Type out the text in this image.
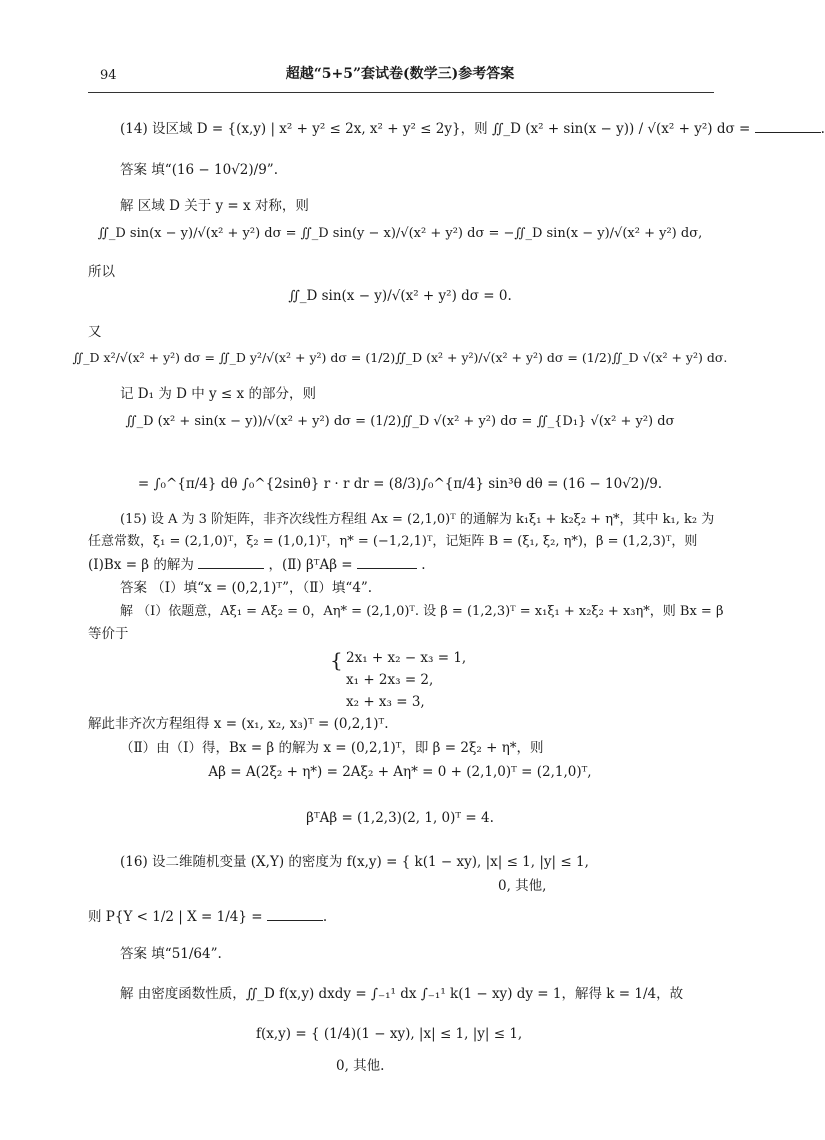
94	超越“5+5”套试卷(数学三)参考答案
(14) 设区域 D = {(x,y) | x² + y² ≤ 2x, x² + y² ≤ 2y}，则 ∬_D (x² + sin(x − y)) / √(x² + y²) dσ =	.
答案 填“(16 − 10√2)/9”.
解 区域 D 关于 y = x 对称，则
∬_D sin(x − y)/√(x² + y²) dσ = ∬_D sin(y − x)/√(x² + y²) dσ = −∬_D sin(x − y)/√(x² + y²) dσ,
所以
∬_D sin(x − y)/√(x² + y²) dσ = 0.
又
∬_D x²/√(x² + y²) dσ = ∬_D y²/√(x² + y²) dσ = (1/2)∬_D (x² + y²)/√(x² + y²) dσ = (1/2)∬_D √(x² + y²) dσ.
记 D₁ 为 D 中 y ≤ x 的部分，则
∬_D (x² + sin(x − y))/√(x² + y²) dσ = (1/2)∬_D √(x² + y²) dσ = ∬_{D₁} √(x² + y²) dσ
= ∫₀^{π/4} dθ ∫₀^{2sinθ} r · r dr = (8/3)∫₀^{π/4} sin³θ dθ = (16 − 10√2)/9.
(15) 设 A 为 3 阶矩阵，非齐次线性方程组 Ax = (2,1,0)ᵀ 的通解为 k₁ξ₁ + k₂ξ₂ + η*，其中 k₁, k₂ 为
任意常数，ξ₁ = (2,1,0)ᵀ，ξ₂ = (1,0,1)ᵀ，η* = (−1,2,1)ᵀ，记矩阵 B = (ξ₁, ξ₂, η*)，β = (1,2,3)ᵀ，则
(Ⅰ)Bx = β 的解为	，(Ⅱ) βᵀAβ =	.
答案 （Ⅰ）填“x = (0,2,1)ᵀ”，（Ⅱ）填“4”.
解 （Ⅰ）依题意，Aξ₁ = Aξ₂ = 0，Aη* = (2,1,0)ᵀ. 设 β = (1,2,3)ᵀ = x₁ξ₁ + x₂ξ₂ + x₃η*，则 Bx = β
等价于
{ 2x₁ + x₂ − x₃ = 1,
x₁ + 2x₃ = 2,
x₂ + x₃ = 3,
解此非齐次方程组得 x = (x₁, x₂, x₃)ᵀ = (0,2,1)ᵀ.
（Ⅱ）由（Ⅰ）得，Bx = β 的解为 x = (0,2,1)ᵀ，即 β = 2ξ₂ + η*，则
Aβ = A(2ξ₂ + η*) = 2Aξ₂ + Aη* = 0 + (2,1,0)ᵀ = (2,1,0)ᵀ,
βᵀAβ = (1,2,3)(2, 1, 0)ᵀ = 4.
(16) 设二维随机变量 (X,Y) 的密度为 f(x,y) = { k(1 − xy), |x| ≤ 1, |y| ≤ 1,
0, 其他,
则 P{Y < 1/2 | X = 1/4} =	.
答案 填“51/64”.
解 由密度函数性质，∬_D f(x,y) dxdy = ∫₋₁¹ dx ∫₋₁¹ k(1 − xy) dy = 1，解得 k = 1/4，故
f(x,y) = { (1/4)(1 − xy), |x| ≤ 1, |y| ≤ 1,
0, 其他.
